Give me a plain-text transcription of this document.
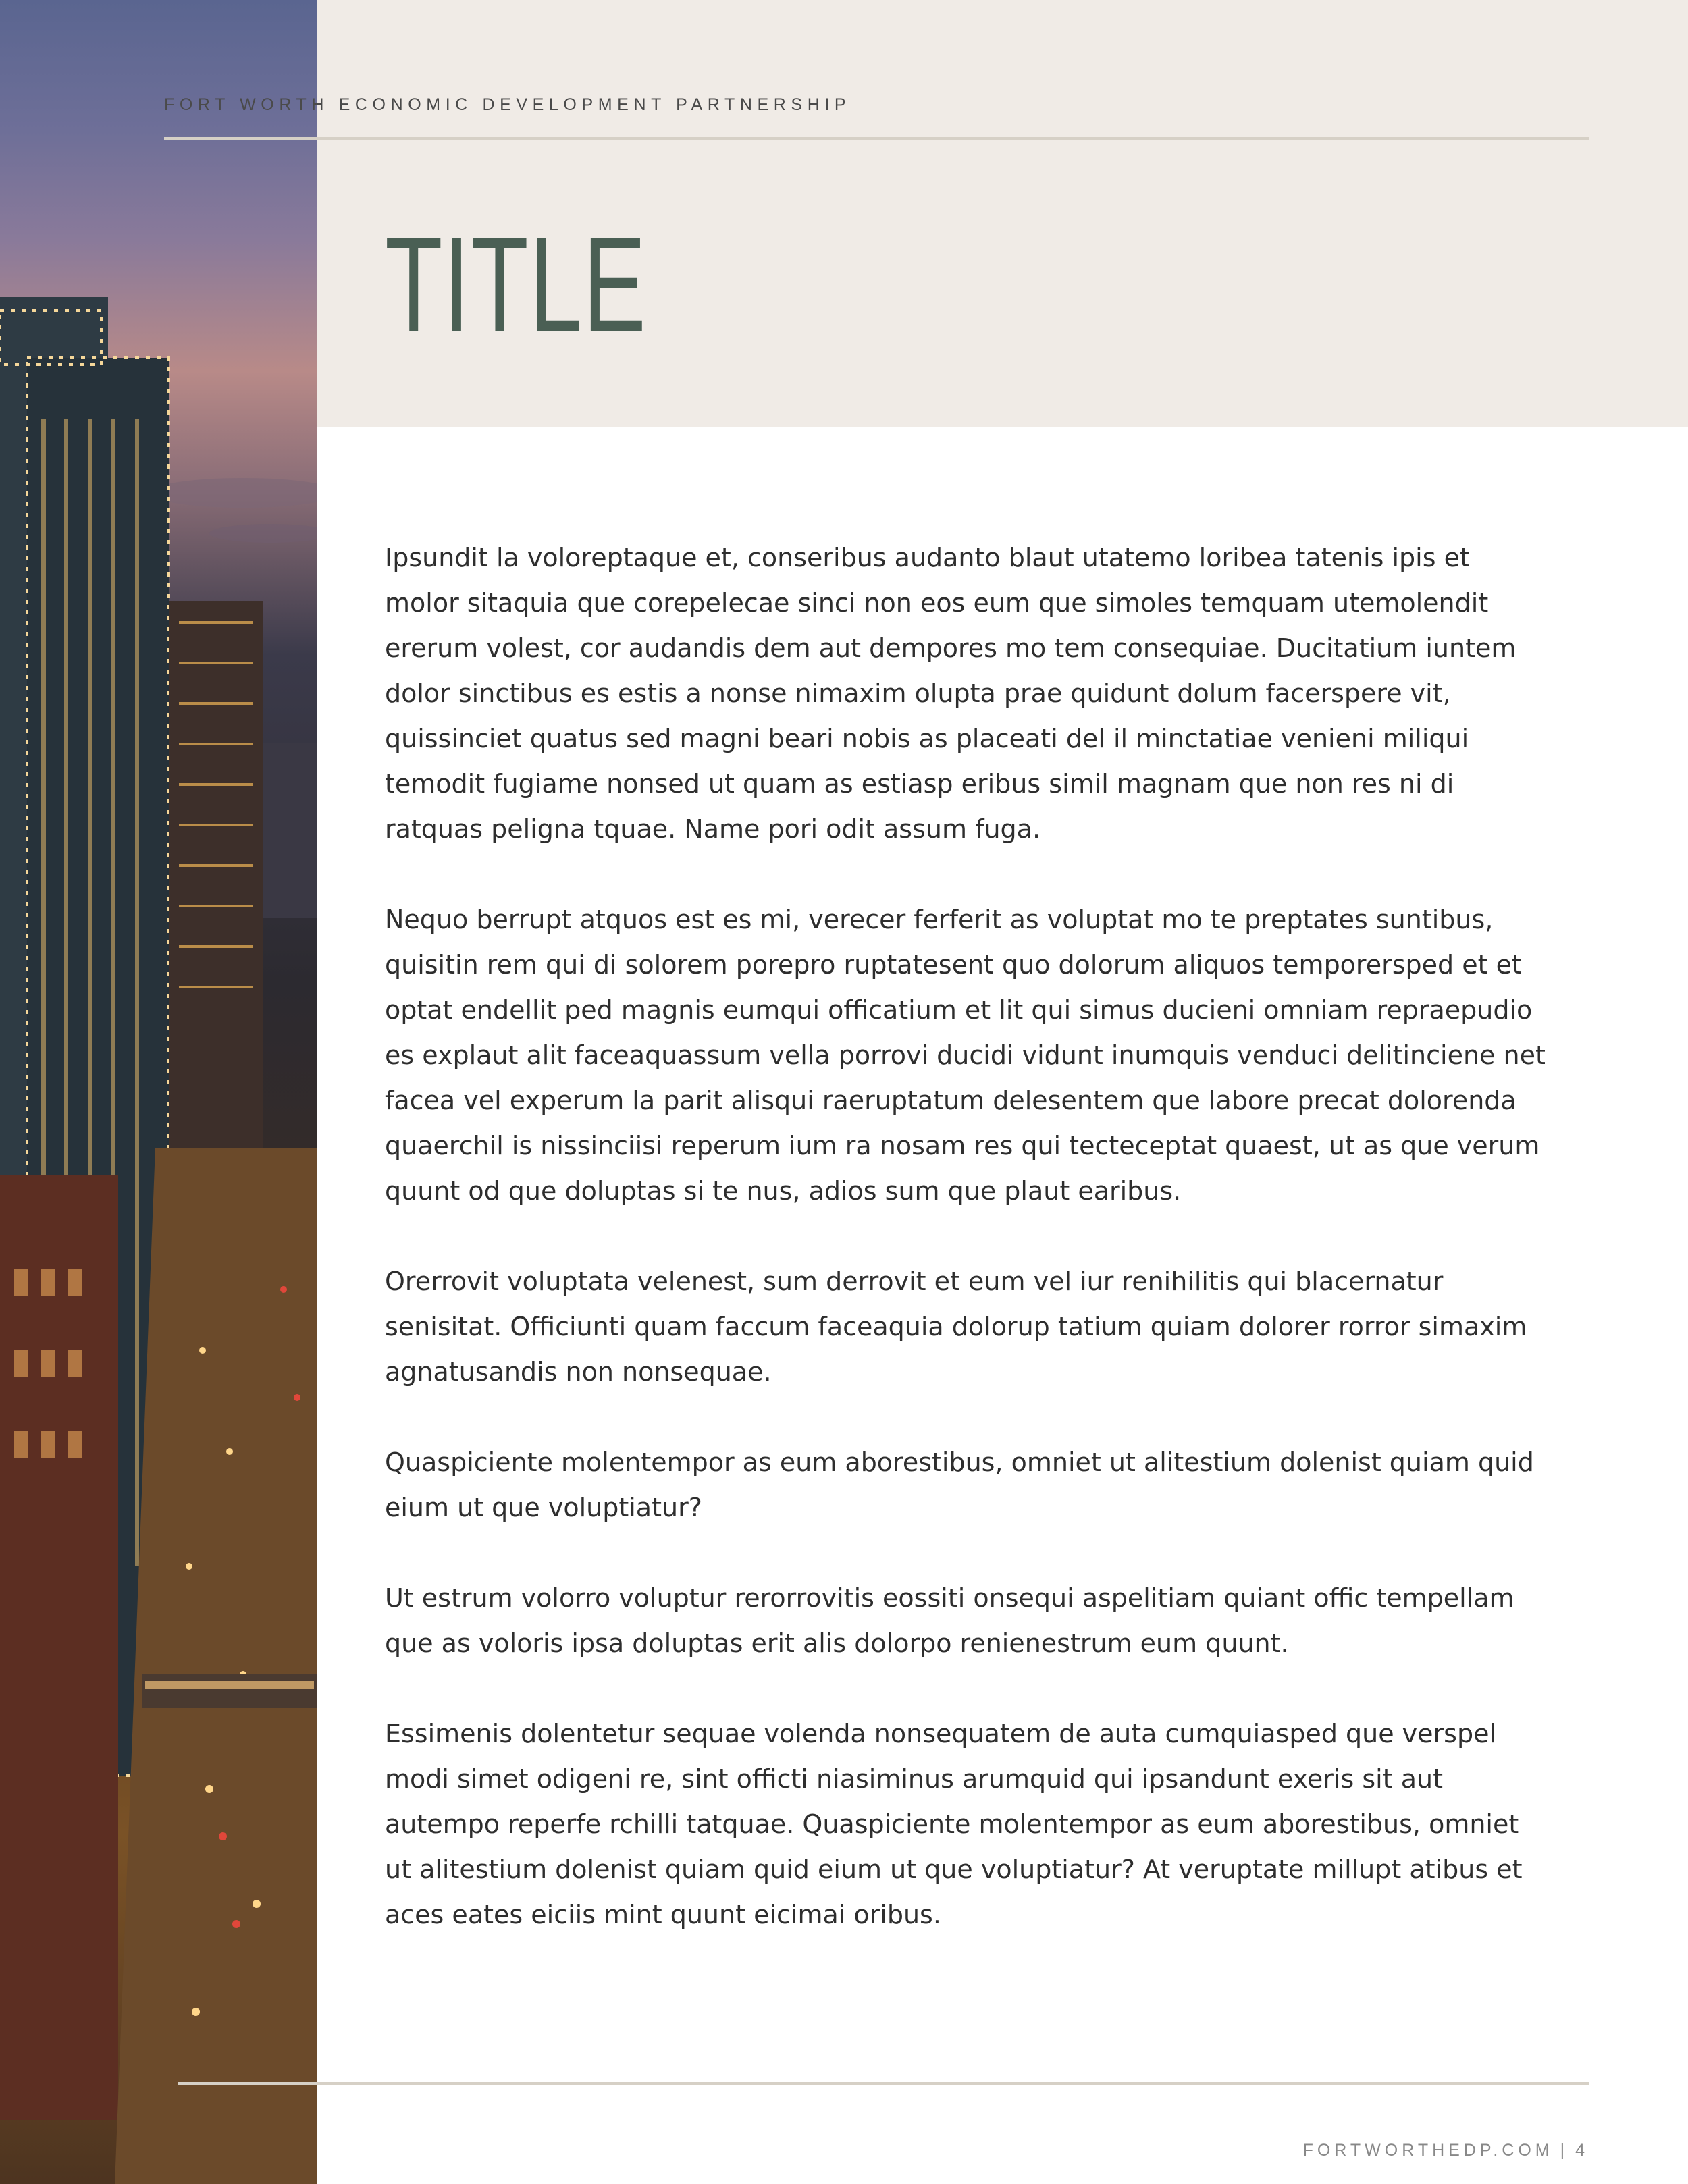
FORT WORTH ECONOMIC DEVELOPMENT PARTNERSHIP
TITLE

Ipsundit la voloreptaque et, conseribus audanto blaut utatemo loribea tatenis ipis et molor sitaquia que corepelecae sinci non eos eum que simoles temquam utemolendit ererum volest, cor audandis dem aut dempores mo tem consequiae. Ducitatium iuntem dolor sinctibus es estis a nonse nimaxim olupta prae quidunt dolum facerspere vit, quissinciet quatus sed magni beari nobis as placeati del il minctatiae venieni miliqui temodit fugiame nonsed ut quam as estiasp eribus simil magnam que non res ni di ratquas peligna tquae. Name pori odit assum fuga.

Nequo berrupt atquos est es mi, verecer ferferit as voluptat mo te preptates suntibus, quisitin rem qui di solorem porepro ruptatesent quo dolorum aliquos temporersped et et optat endellit ped magnis eumqui officatium et lit qui simus ducieni omniam repraepudio es explaut alit faceaquassum vella porrovi ducidi vidunt inumquis venduci delitinciene net facea vel experum la parit alisqui raeruptatum delesentem que labore precat dolorenda quaerchil is nissinciisi reperum ium ra nosam res qui tecteceptat quaest, ut as que verum quunt od que doluptas si te nus, adios sum que plaut earibus.

Orerrovit voluptata velenest, sum derrovit et eum vel iur renihilitis qui blacernatur senisitat. Officiunti quam faccum faceaquia dolorup tatium quiam dolorer rorror simaxim agnatusandis non nonsequae.

Quaspiciente molentempor as eum aborestibus, omniet ut alitestium dolenist quiam quid eium ut que voluptiatur?

Ut estrum volorro voluptur rerorrovitis eossiti onsequi aspelitiam quiant offic tempellam que as voloris ipsa doluptas erit alis dolorpo renienestrum eum quunt.

Essimenis dolentetur sequae volenda nonsequatem de auta cumquiasped que verspel modi simet odigeni re, sint officti niasiminus arumquid qui ipsandunt exeris sit aut autempo reperfe rchilli tatquae. Quaspiciente molentempor as eum aborestibus, omniet ut alitestium dolenist quiam quid eium ut que voluptiatur? At veruptate millupt atibus et aces eates eiciis mint quunt eicimai oribus.

FORTWORTHEDP.COM | 4
